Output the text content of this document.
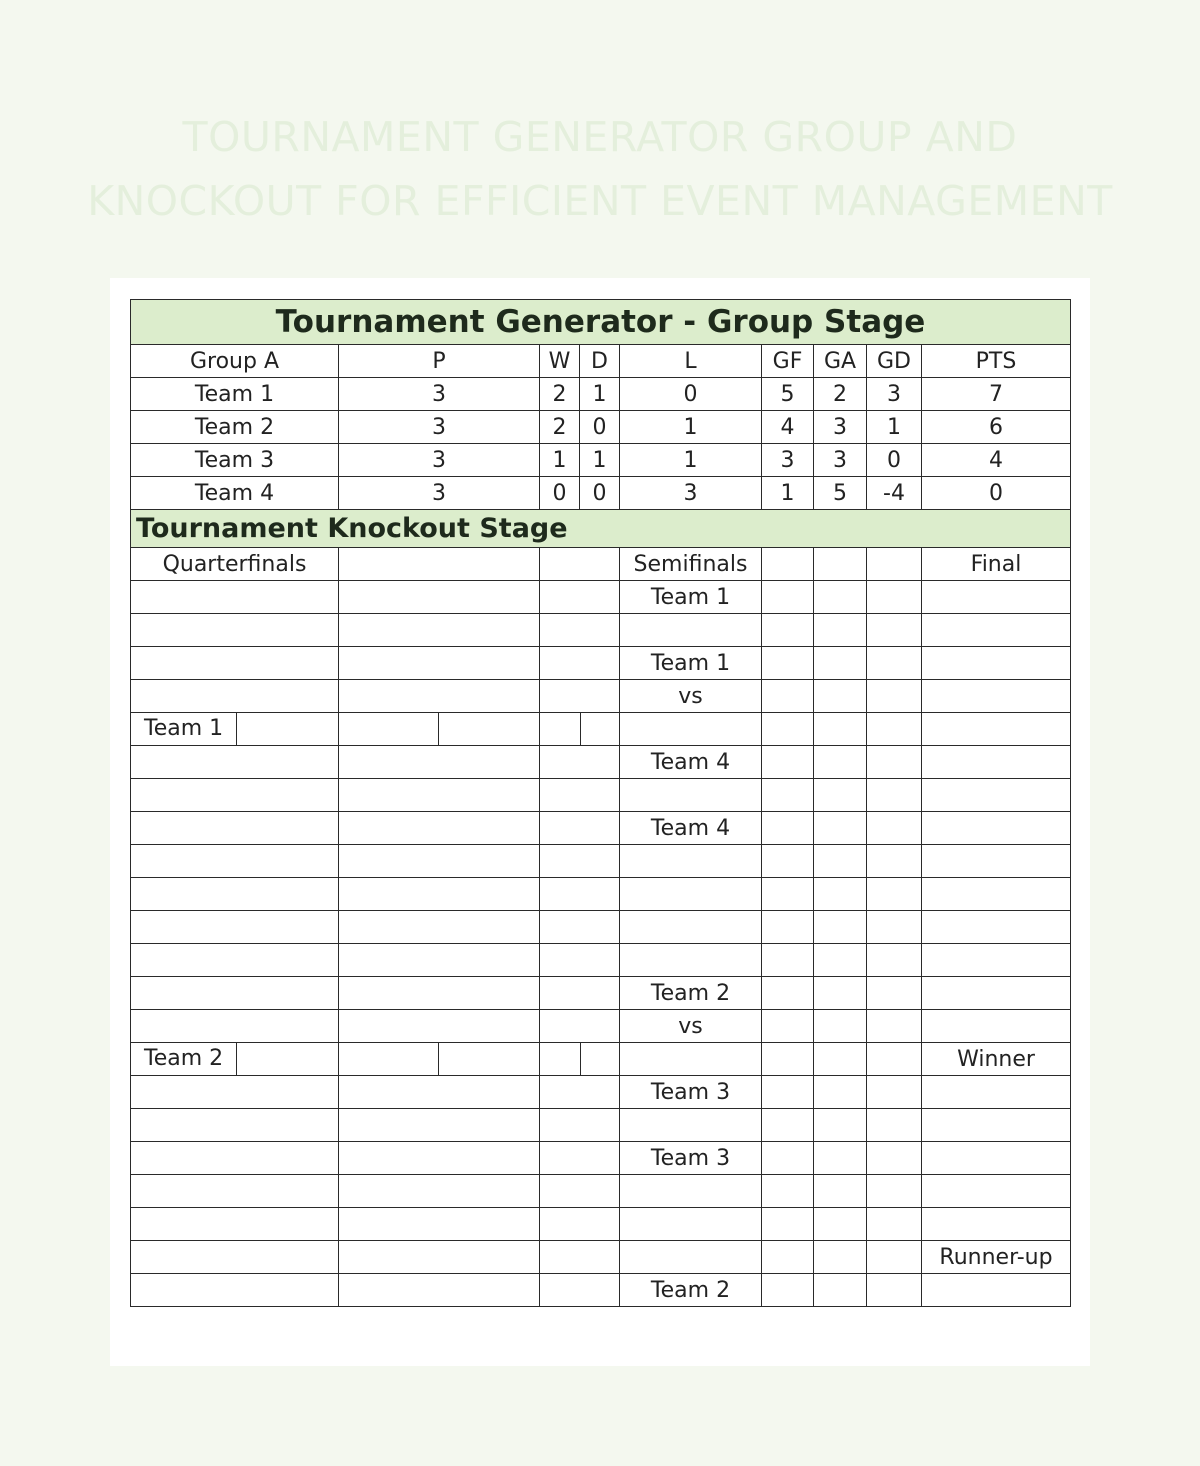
TOURNAMENT GENERATOR GROUP AND
KNOCKOUT FOR EFFICIENT EVENT MANAGEMENT
Tournament Generator - Group Stage								
Group A	P	W	D	L	GF	GA	GD	PTS
Team 1	3	2	1	0	5	2	3	7
Team 2	3	2	0	1	4	3	1	6
Team 3	3	1	1	1	3	3	0	4
Team 4	3	0	0	3	1	5	-4	0
Tournament Knockout Stage								
Quarterfinals				Semifinals				Final
				Team 1				

				Team 1				
				vs				

Team 1								

				Team 4				

				Team 4				

				Team 2				
				vs				

Team 2								Winner
				Team 3				

				Team 3				

								Runner-up
				Team 2				
